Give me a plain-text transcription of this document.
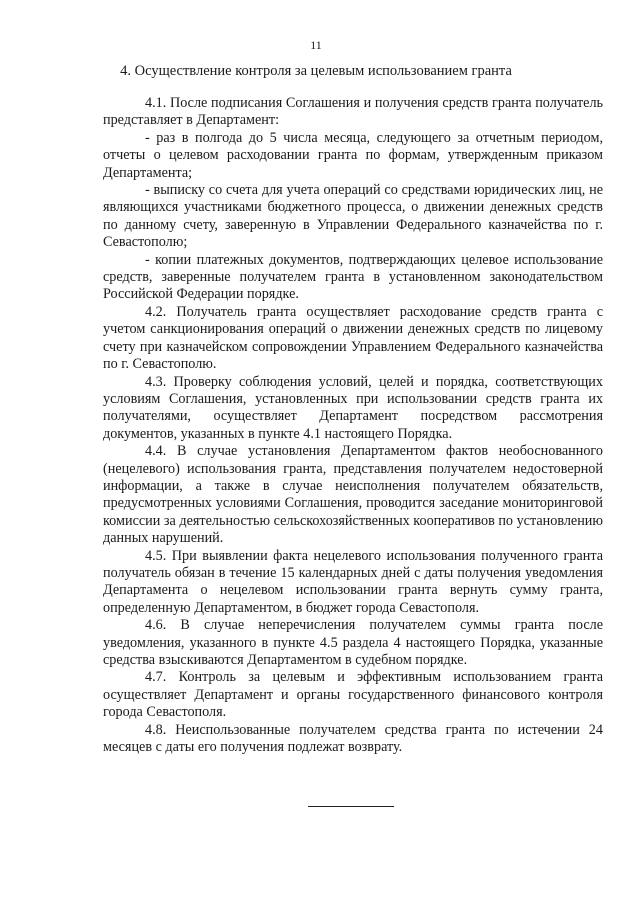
11
4. Осуществление контроля за целевым использованием гранта

4.1. После подписания Соглашения и получения средств гранта получатель представляет в Департамент:

- раз в полгода до 5 числа месяца, следующего за отчетным периодом, отчеты о целевом расходовании гранта по формам, утвержденным приказом Департамента;

- выписку со счета для учета операций со средствами юридических лиц, не являющихся участниками бюджетного процесса, о движении денежных средств по данному счету, заверенную в Управлении Федерального казначейства по г. Севастополю;

- копии платежных документов, подтверждающих целевое использование средств, заверенные получателем гранта в установленном законодательством Российской Федерации порядке.

4.2. Получатель гранта осуществляет расходование средств гранта с учетом санкционирования операций о движении денежных средств по лицевому счету при казначейском сопровождении Управлением Федерального казначейства по г. Севастополю.

4.3. Проверку соблюдения условий, целей и порядка, соответствующих условиям Соглашения, установленных при использовании средств гранта их получателями, осуществляет Департамент посредством рассмотрения документов, указанных в пункте 4.1 настоящего Порядка.

4.4. В случае установления Департаментом фактов необоснованного (нецелевого) использования гранта, представления получателем недостоверной информации, а также в случае неисполнения получателем обязательств, предусмотренных условиями Соглашения, проводится заседание мониторинговой комиссии за деятельностью сельскохозяйственных кооперативов по установлению данных нарушений.

4.5. При выявлении факта нецелевого использования полученного гранта получатель обязан в течение 15 календарных дней с даты получения уведомления Департамента о нецелевом использовании гранта вернуть сумму гранта, определенную Департаментом, в бюджет города Севастополя.

4.6. В случае неперечисления получателем суммы гранта после уведомления, указанного в пункте 4.5 раздела 4 настоящего Порядка, указанные средства взыскиваются Департаментом в судебном порядке.

4.7. Контроль за целевым и эффективным использованием гранта осуществляет Департамент и органы государственного финансового контроля города Севастополя.

4.8. Неиспользованные получателем средства гранта по истечении 24 месяцев с даты его получения подлежат возврату.
